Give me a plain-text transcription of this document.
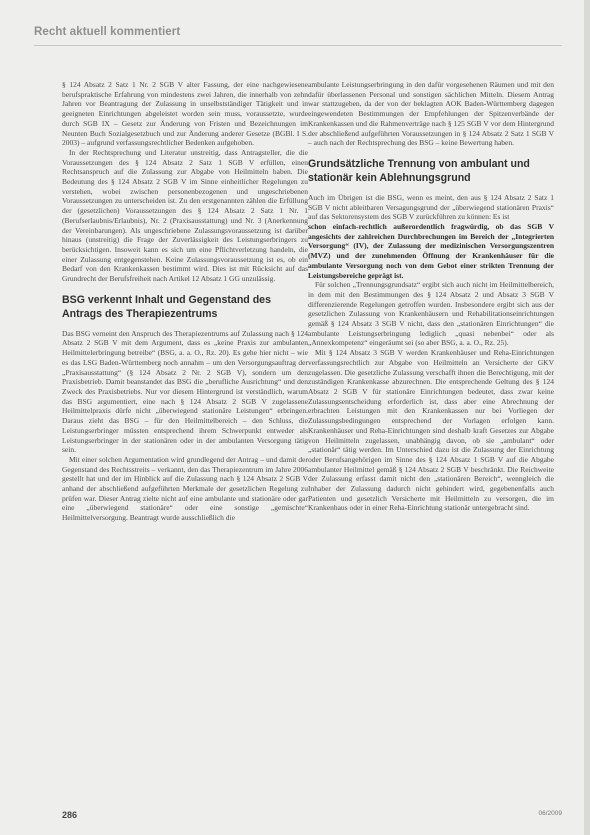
Recht aktuell kommentiert

§ 124 Absatz 2 Satz 1 Nr. 2 SGB V alter Fassung, der eine nachgewiesene berufspraktische Erfahrung von mindestens zwei Jahren, die innerhalb von zehn Jahren vor Beantragung der Zulassung in unselbstständiger Tätigkeit und in geeigneten Einrichtungen abgeleistet worden sein muss, voraussetzte, wurde durch SGB IX – Gesetz zur Änderung von Fristen und Bezeichnungen im Neunten Buch Sozialgesetzbuch und zur Änderung anderer Gesetze (BGBl. I S. 2003) – aufgrund verfassungsrechtlicher Bedenken aufgehoben.

In der Rechtsprechung und Literatur unstreitig, dass Antragsteller, die die Voraussetzungen des § 124 Absatz 2 Satz 1 SGB V erfüllen, einen Rechtsanspruch auf die Zulassung zur Abgabe von Heilmitteln haben. Die Bedeutung des § 124 Absatz 2 SGB V im Sinne einheitlicher Regelungen zu verstehen, wobei zwischen personenbezogenen und ungeschriebenen Voraussetzungen zu unterscheiden ist. Zu den erstgenannten zählen die Erfüllung der (gesetzlichen) Voraussetzungen des § 124 Absatz 2 Satz 1 Nr. 1 (Berufserlaubnis/Erlaubnis), Nr. 2 (Praxisausstattung) und Nr. 3 (Anerkennung der Vereinbarungen). Als ungeschriebene Zulassungsvoraussetzung ist darüber hinaus (unstreitig) die Frage der Zuverlässigkeit des Leistungserbringers zu berücksichtigen. Insoweit kann es sich um eine Pflichtverletzung handeln, die einer Zulassung entgegenstehen. Keine Zulassungsvoraussetzung ist es, ob ein Bedarf von den Krankenkassen bestimmt wird. Dies ist mit Rücksicht auf das Grundrecht der Berufsfreiheit nach Artikel 12 Absatz 1 GG unzulässig.

BSG verkennt Inhalt und Gegenstand des Antrags des Therapiezentrums

Das BSG verneint den Anspruch des Therapiezentrums auf Zulassung nach § 124 Absatz 2 SGB V mit dem Argument, dass es „keine Praxis zur ambulanten Heilmittelerbringung betreibe“ (BSG, a. a. O., Rz. 20). Es gehe hier nicht – wie es das LSG Baden-Württemberg noch annahm – um den Versorgungsauftrag der „Praxisausstattung“ (§ 124 Absatz 2 Nr. 2 SGB V), sondern um den Praxisbetrieb. Damit beanstandet das BSG die „berufliche Ausrichtung“ und den Zweck des Praxisbetriebs. Nur vor diesem Hintergrund ist verständlich, warum das BSG argumentiert, eine nach § 124 Absatz 2 SGB V zugelassene Heilmittelpraxis dürfe nicht „überwiegend stationäre Leistungen“ erbringen. Daraus zieht das BSG – für den Heilmittelbereich – den Schluss, die Leistungserbringer müssten entsprechend ihrem Schwerpunkt entweder als Leistungserbringer in der stationären oder in der ambulanten Versorgung tätig sein.

Mit einer solchen Argumentation wird grundlegend der Antrag – und damit der Gegenstand des Rechtsstreits – verkannt, den das Therapiezentrum im Jahre 2006 gestellt hat und der im Hinblick auf die Zulassung nach § 124 Absatz 2 SGB V anhand der abschließend aufgeführten Merkmale der gesetzlichen Regelung zu prüfen war. Dieser Antrag zielte nicht auf eine ambulante und stationäre oder gar eine „überwiegend stationäre“ oder eine sonstige „gemischte“ Heilmittelversorgung. Beantragt wurde ausschließlich die

ambulante Leistungserbringung in den dafür vorgesehenen Räumen und mit den dafür überlassenen Personal und sonstigen sächlichen Mitteln. Diesem Antrag war stattzugeben, da der von der beklagten AOK Baden-Württemberg dagegen eingewendeten Bestimmungen der Empfehlungen der Spitzenverbände der Krankenkassen und die Rahmenverträge nach § 125 SGB V vor dem Hintergrund der abschließend aufgeführten Voraussetzungen in § 124 Absatz 2 Satz 1 SGB V – auch nach der Rechtsprechung des BSG – keine Bewertung haben.

Grundsätzliche Trennung von ambulant und stationär kein Ablehnungsgrund

Auch im Übrigen ist die BSG, wenn es meint, den aus § 124 Absatz 2 Satz 1 SGB V nicht ableitbaren Versagungsgrund der „überwiegend stationären Praxis“ auf das Sektorensystem des SGB V zurückführen zu können: Es ist

schon einfach-rechtlich außerordentlich fragwürdig, ob das SGB V angesichts der zahlreichen Durchbrechungen im Bereich der „Integrierten Versorgung“ (IV), der Zulassung der medizinischen Versorgungszentren (MVZ) und der zunehmenden Öffnung der Krankenhäuser für die ambulante Versorgung noch von dem Gebot einer strikten Trennung der Leistungsbereiche geprägt ist.

Für solchen „Trennungsgrundsatz“ ergibt sich auch nicht im Heilmittelbereich, in dem mit den Bestimmungen des § 124 Absatz 2 und Absatz 3 SGB V differenzierende Regelungen getroffen wurden. Insbesondere ergibt sich aus der gesetzlichen Zulassung von Krankenhäusern und Rehabilitationseinrichtungen gemäß § 124 Absatz 3 SGB V nicht, dass den „stationären Einrichtungen“ die ambulante Leistungserbringung lediglich „quasi nebenbei“ oder als „Annexkompetenz“ eingeräumt sei (so aber BSG, a. a. O., Rz. 25).

Mit § 124 Absatz 3 SGB V werden Krankenhäuser und Reha-Einrichtungen verfassungsrechtlich zur Abgabe von Heilmitteln an Versicherte der GKV zugelassen. Die gesetzliche Zulassung verschafft ihnen die Berechtigung, mit der zuständigen Krankenkasse abzurechnen. Die entsprechende Geltung des § 124 Absatz 2 SGB V für stationäre Einrichtungen bedeutet, dass zwar keine Zulassungsentscheidung erforderlich ist, dass aber eine Abrechnung der erbrachten Leistungen mit den Krankenkassen nur bei Vorliegen der Zulassungsbedingungen entsprechend der Vorlagen erfolgen kann. Krankenhäuser und Reha-Einrichtungen sind deshalb kraft Gesetzes zur Abgabe von Heilmitteln zugelassen, unabhängig davon, ob sie „ambulant“ oder „stationär“ tätig werden. Im Unterschied dazu ist die Zulassung der Einrichtung oder Berufsangehörigen im Sinne des § 124 Absatz 1 SGB V auf die Abgabe ambulanter Heilmittel gemäß § 124 Absatz 2 SGB V beschränkt. Die Reichweite der Zulassung erfasst damit nicht den „stationären Bereich“, wenngleich die Inhaber der Zulassung dadurch nicht gehindert wird, gegebenenfalls auch Patienten und gesetzlich Versicherte mit Heilmitteln zu versorgen, die im Krankenhaus oder in einer Reha-Einrichtung stationär untergebracht sind.

286	06/2009
